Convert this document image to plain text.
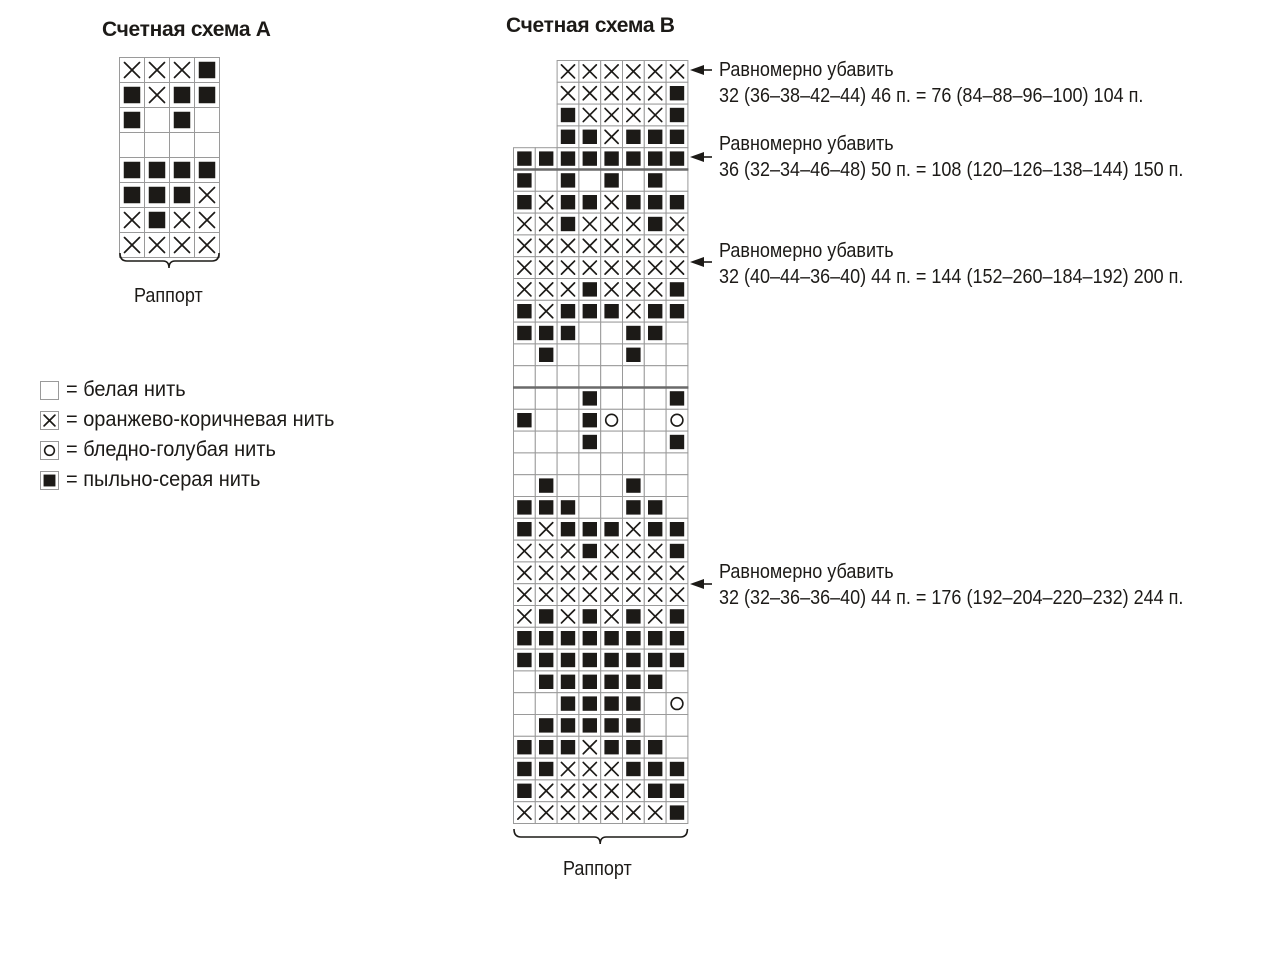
Счетная схема A
Раппорт
= белая нить
= оранжево-коричневая нить
= бледно-голубая нить
= пыльно-серая нить
Счетная схема B
Раппорт
Равномерно убавить
32 (36–38–42–44) 46 п. = 76 (84–88–96–100) 104 п.
Равномерно убавить
36 (32–34–46–48) 50 п. = 108 (120–126–138–144) 150 п.
Равномерно убавить
32 (40–44–36–40) 44 п. = 144 (152–260–184–192) 200 п.
Равномерно убавить
32 (32–36–36–40) 44 п. = 176 (192–204–220–232) 244 п.
